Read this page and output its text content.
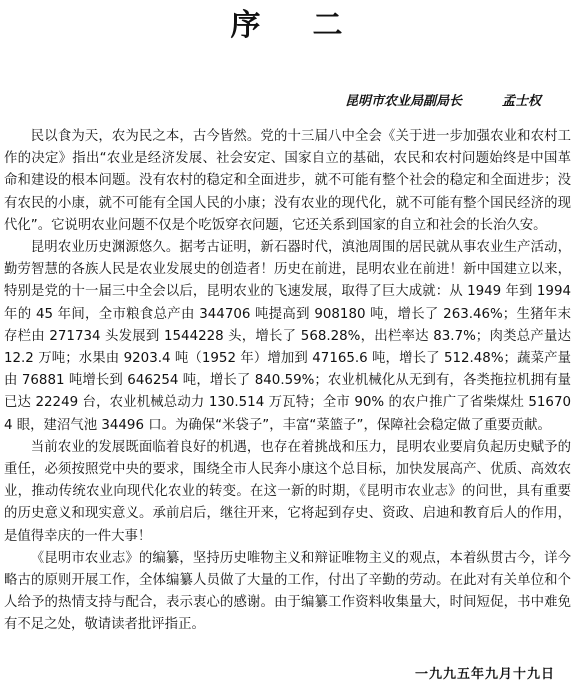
序二
昆明市农业局副局长	孟士权

民以食为天，农为民之本，古今皆然。党的十三届八中全会《关于进一步加强农业和农村工作的决定》指出“农业是经济发展、社会安定、国家自立的基础，农民和农村问题始终是中国革命和建设的根本问题。没有农村的稳定和全面进步，就不可能有整个社会的稳定和全面进步；没有农民的小康，就不可能有全国人民的小康；没有农业的现代化，就不可能有整个国民经济的现代化”。它说明农业问题不仅是个吃饭穿衣问题，它还关系到国家的自立和社会的长治久安。

昆明农业历史渊源悠久。据考古证明，新石器时代，滇池周围的居民就从事农业生产活动，勤劳智慧的各族人民是农业发展史的创造者！历史在前进，昆明农业在前进！新中国建立以来，特别是党的十一届三中全会以后，昆明农业的飞速发展，取得了巨大成就：从 1949 年到 1994 年的 45 年间，全市粮食总产由 344706 吨提高到 908180 吨，增长了 263.46%；生猪年末存栏由 271734 头发展到 1544228 头，增长了 568.28%，出栏率达 83.7%；肉类总产量达 12.2 万吨；水果由 9203.4 吨（1952 年）增加到 47165.6 吨，增长了 512.48%；蔬菜产量由 76881 吨增长到 646254 吨，增长了 840.59%；农业机械化从无到有，各类拖拉机拥有量已达 22249 台，农业机械总动力 130.514 万瓦特；全市 90% 的农户推广了省柴煤灶 516704 眼，建沼气池 34496 口。为确保“米袋子”，丰富“菜篮子”，保障社会稳定做了重要贡献。

当前农业的发展既面临着良好的机遇，也存在着挑战和压力，昆明农业要肩负起历史赋予的重任，必须按照党中央的要求，围绕全市人民奔小康这个总目标，加快发展高产、优质、高效农业，推动传统农业向现代化农业的转变。在这一新的时期，《昆明市农业志》的问世，具有重要的历史意义和现实意义。承前启后，继往开来，它将起到存史、资政、启迪和教育后人的作用，是值得幸庆的一件大事！

《昆明市农业志》的编纂，坚持历史唯物主义和辩证唯物主义的观点，本着纵贯古今，详今略古的原则开展工作，全体编纂人员做了大量的工作，付出了辛勤的劳动。在此对有关单位和个人给予的热情支持与配合，表示衷心的感谢。由于编纂工作资料收集量大，时间短促，书中难免有不足之处，敬请读者批评指正。

一九九五年九月十九日
